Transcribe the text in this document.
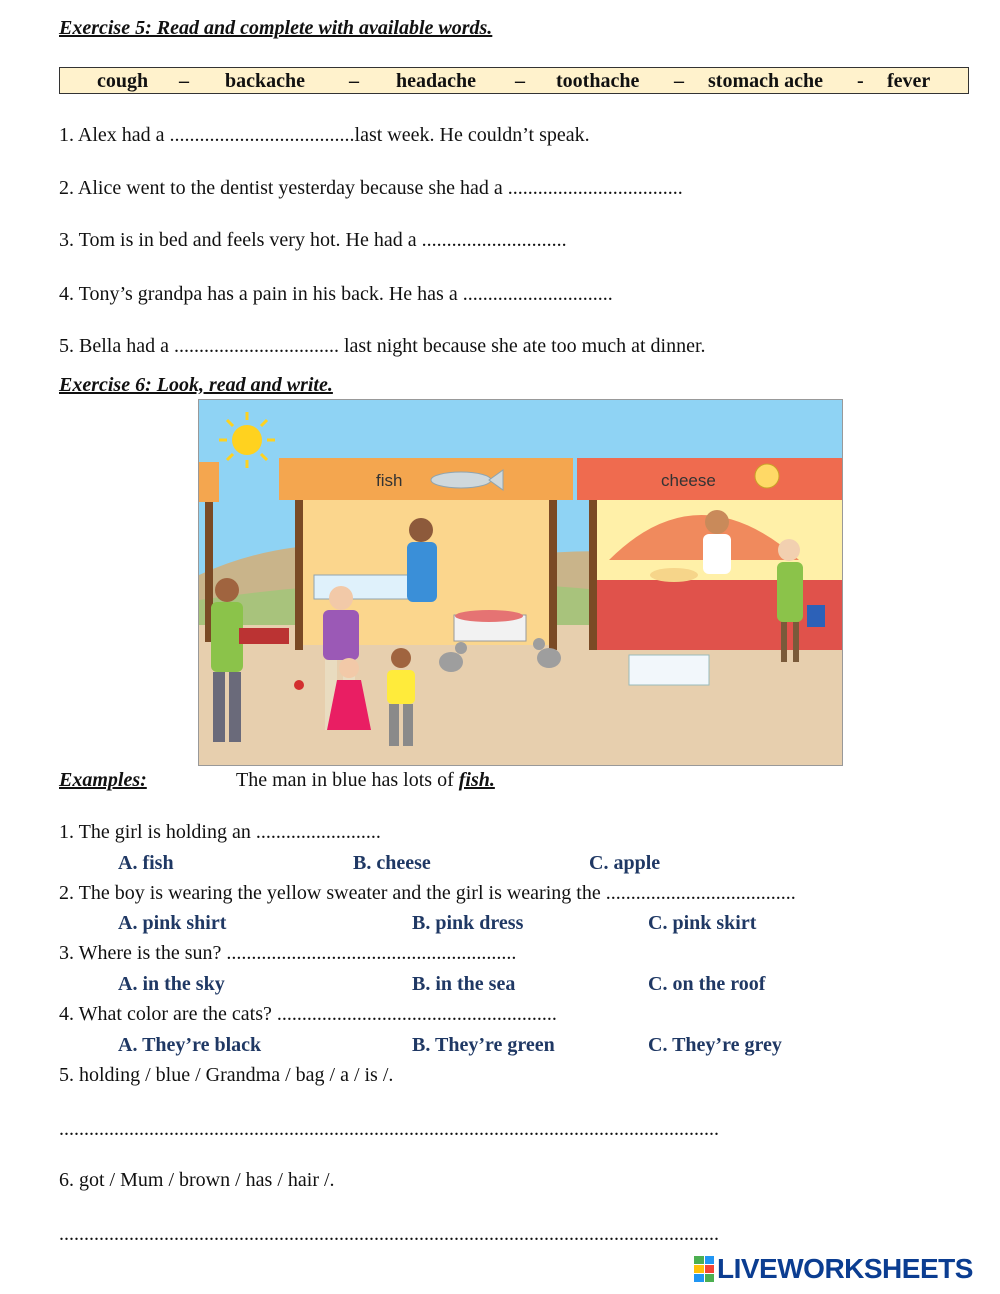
Exercise 5: Read and complete with available words.
cough – backache – headache – toothache – stomach ache - fever
1. Alex had a .....................................last week. He couldn’t speak.
2. Alice went to the dentist yesterday because she had a ...................................
3. Tom is in bed and feels very hot. He had a .............................
4. Tony’s grandpa has a pain in his back. He has a ..............................
5. Bella had a ................................. last night because she ate too much at dinner.
Exercise 6: Look, read and write.
fish	cheese
Examples:	The man in blue has lots of fish.
1. The girl is holding an .........................
A. fish	B. cheese	C. apple
2. The boy is wearing the yellow sweater and the girl is wearing the ......................................
A. pink shirt	B. pink dress	C. pink skirt
3. Where is the sun? ..........................................................
A. in the sky	B. in the sea	C. on the roof
4. What color are the cats? ........................................................
A. They’re black	B. They’re green	C. They’re grey
5. holding / blue / Grandma / bag / a / is /.
....................................................................................................................................
6. got / Mum / brown / has / hair /.
....................................................................................................................................
LIVEWORKSHEETS
